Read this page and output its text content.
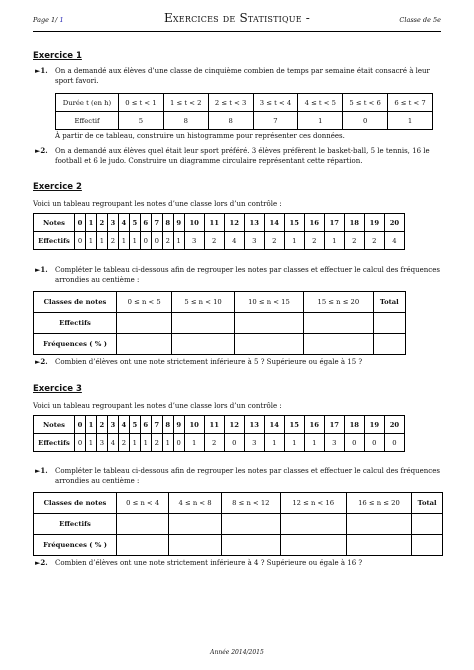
Page 1/ 1	Exercices de Statistique -	Classe de 5e
Exercice 1
►1. On a demandé aux élèves d’une classe de cinquième combien de temps par semaine était consacré à leur sport favori.
Durée t (en h)	0 ≤ t < 1	1 ≤ t < 2	2 ≤ t < 3	3 ≤ t < 4	4 ≤ t < 5	5 ≤ t < 6	6 ≤ t < 7
Effectif	5	8	8	7	1	0	1
À partir de ce tableau, construire un histogramme pour représenter ces données.
►2. On a demandé aux élèves quel était leur sport préféré. 3 élèves préfèrent le basket-ball, 5 le tennis, 16 le football et 6 le judo. Construire un diagramme circulaire représentant cette répartion.
Exercice 2
Voici un tableau regroupant les notes d’une classe lors d’un contrôle :
Notes	0	1	2	3	4	5	6	7	8	9	10	11	12	13	14	15	16	17	18	19	20
Effectifs	0	1	1	2	1	1	0	0	2	1	3	2	4	3	2	1	2	1	2	2	4
►1. Compléter le tableau ci-dessous afin de regrouper les notes par classes et effectuer le calcul des fréquences arrondies au centième :
Classes de notes	0 ≤ n < 5	5 ≤ n < 10	10 ≤ n < 15	15 ≤ n ≤ 20	Total
Effectifs					
Fréquences ( % )					
►2. Combien d’élèves ont une note strictement inférieure à 5 ? Supérieure ou égale à 15 ?
Exercice 3
Voici un tableau regroupant les notes d’une classe lors d’un contrôle :
Notes	0	1	2	3	4	5	6	7	8	9	10	11	12	13	14	15	16	17	18	19	20
Effectifs	0	1	3	4	2	1	1	2	1	0	1	2	0	3	1	1	1	3	0	0	0
►1. Compléter le tableau ci-dessous afin de regrouper les notes par classes et effectuer le calcul des fréquences arrondies au centième :
Classes de notes	0 ≤ n < 4	4 ≤ n < 8	8 ≤ n < 12	12 ≤ n < 16	16 ≤ n ≤ 20	Total
Effectifs						
Fréquences ( % )						
►2. Combien d’élèves ont une note strictement inférieure à 4 ? Supérieure ou égale à 16 ?
Année 2014/2015
